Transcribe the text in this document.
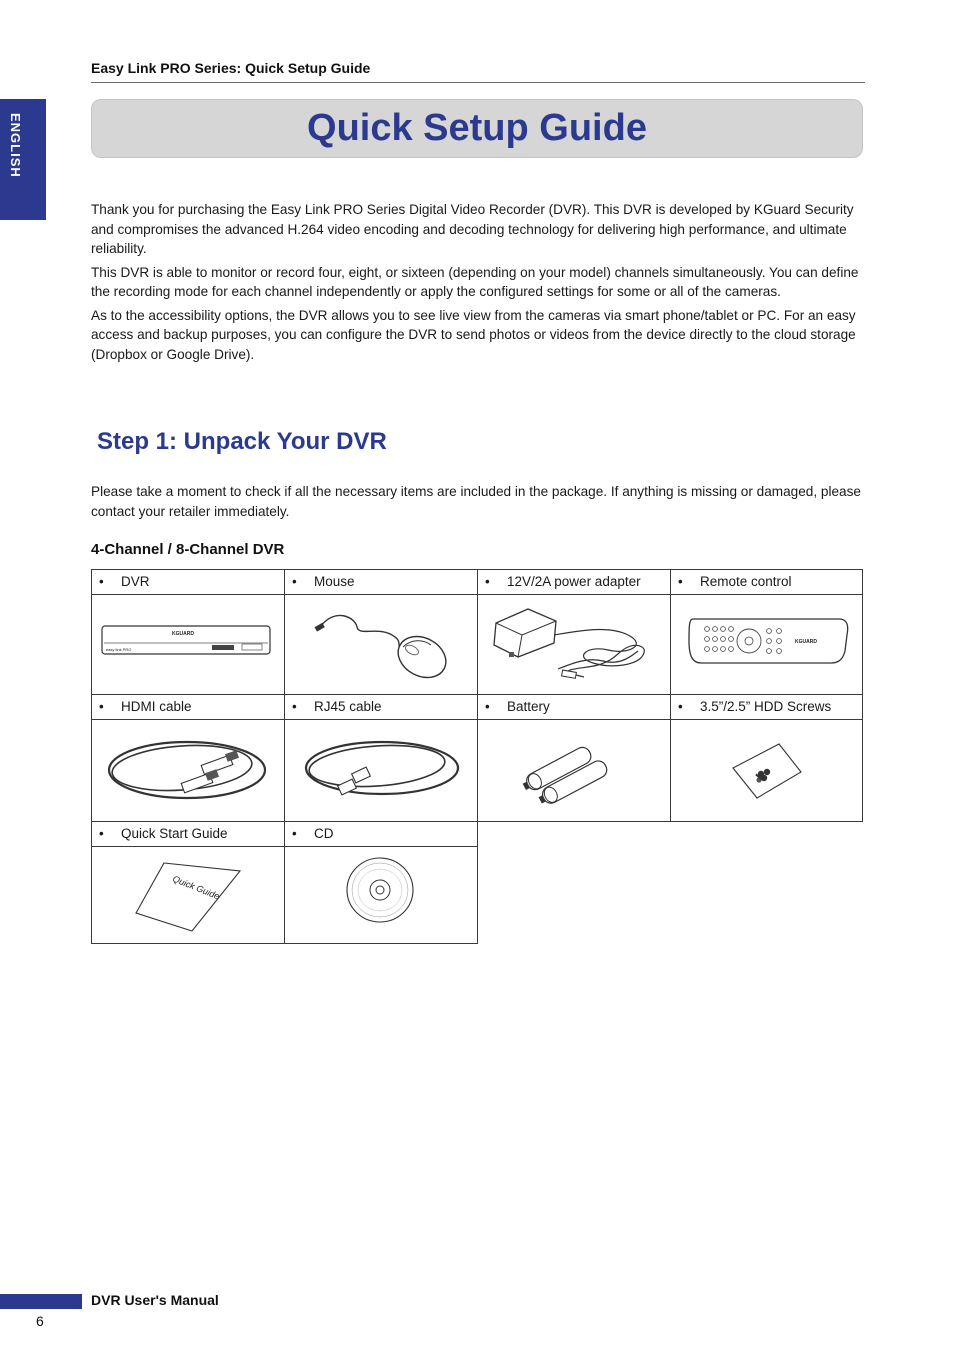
Easy Link PRO Series: Quick Setup Guide
ENGLISH	Quick Setup Guide

Thank you for purchasing the Easy Link PRO Series Digital Video Recorder (DVR). This DVR is developed by KGuard Security and compromises the advanced H.264 video encoding and decoding technology for delivering high performance, and ultimate reliability.

This DVR is able to monitor or record four, eight, or sixteen (depending on your model) channels simultaneously. You can define the recording mode for each channel independently or apply the configured settings for some or all of the cameras.

As to the accessibility options, the DVR allows you to see live view from the cameras via smart phone/tablet or PC. For an easy access and backup purposes, you can configure the DVR to send photos or videos from the device directly to the cloud storage (Dropbox or Google Drive).

Step 1: Unpack Your DVR

Please take a moment to check if all the necessary items are included in the package. If anything is missing or damaged, please contact your retailer immediately.

4-Channel / 8-Channel DVR
• DVR	• Mouse	• 12V/2A power adapter	• Remote control
KGUARD
easy link PRO
KGUARD
• HDMI cable	• RJ45 cable	• Battery	• 3.5”/2.5” HDD Screws
• Quick Start Guide	• CD
Quick Guide
DVR User's Manual
6
